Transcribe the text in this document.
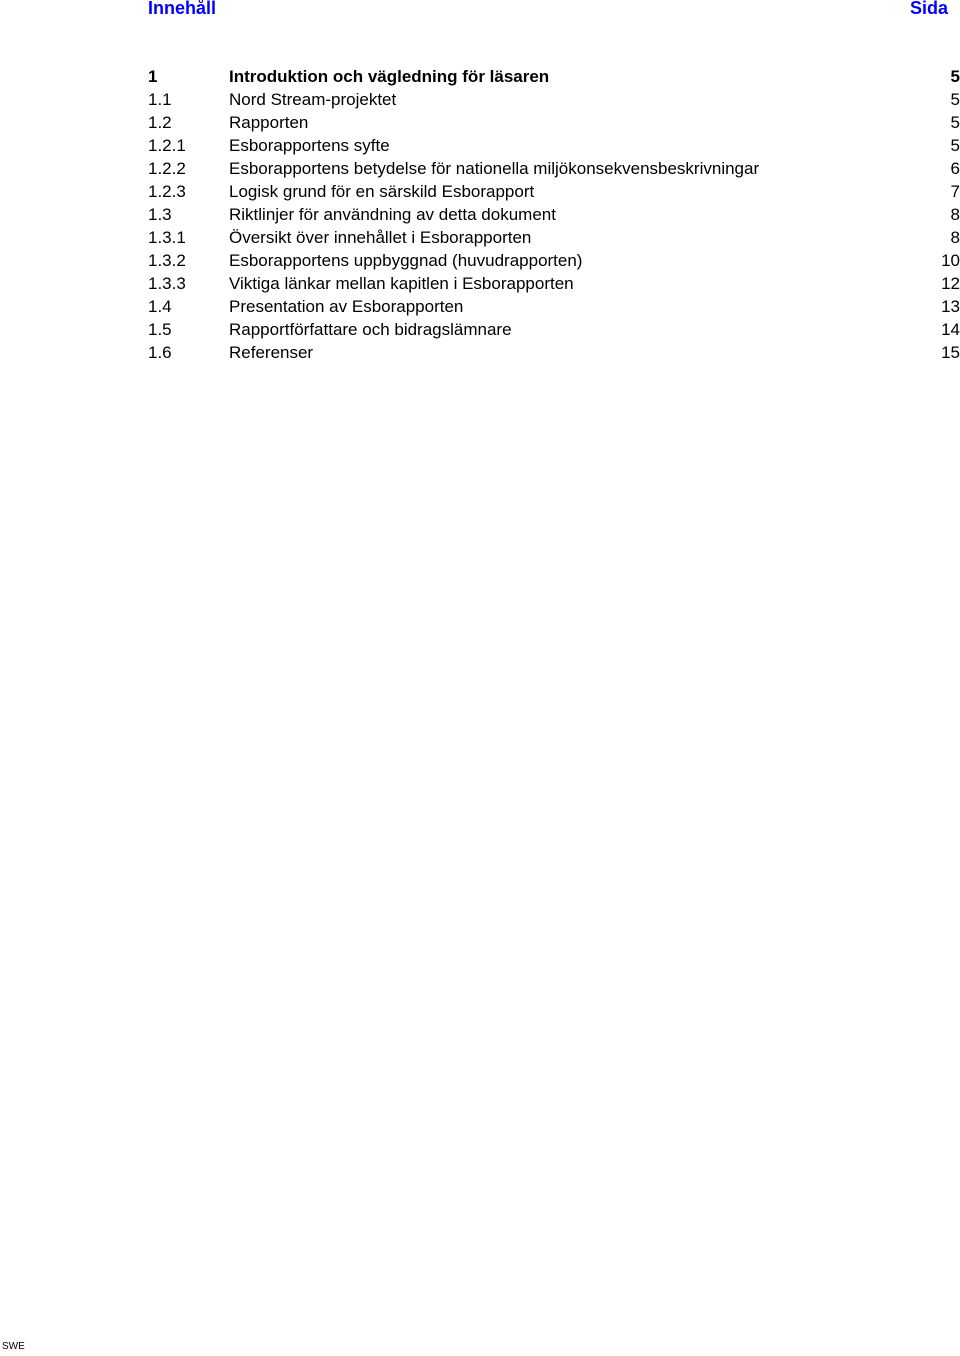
Innehåll	Sida
1	Introduktion och vägledning för läsaren	5
1.1	Nord Stream-projektet	5
1.2	Rapporten	5
1.2.1	Esborapportens syfte	5
1.2.2	Esborapportens betydelse för nationella miljökonsekvensbeskrivningar	6
1.2.3	Logisk grund för en särskild Esborapport	7
1.3	Riktlinjer för användning av detta dokument	8
1.3.1	Översikt över innehållet i Esborapporten	8
1.3.2	Esborapportens uppbyggnad (huvudrapporten)	10
1.3.3	Viktiga länkar mellan kapitlen i Esborapporten	12
1.4	Presentation av Esborapporten	13
1.5	Rapportförfattare och bidragslämnare	14
1.6	Referenser	15
SWE
